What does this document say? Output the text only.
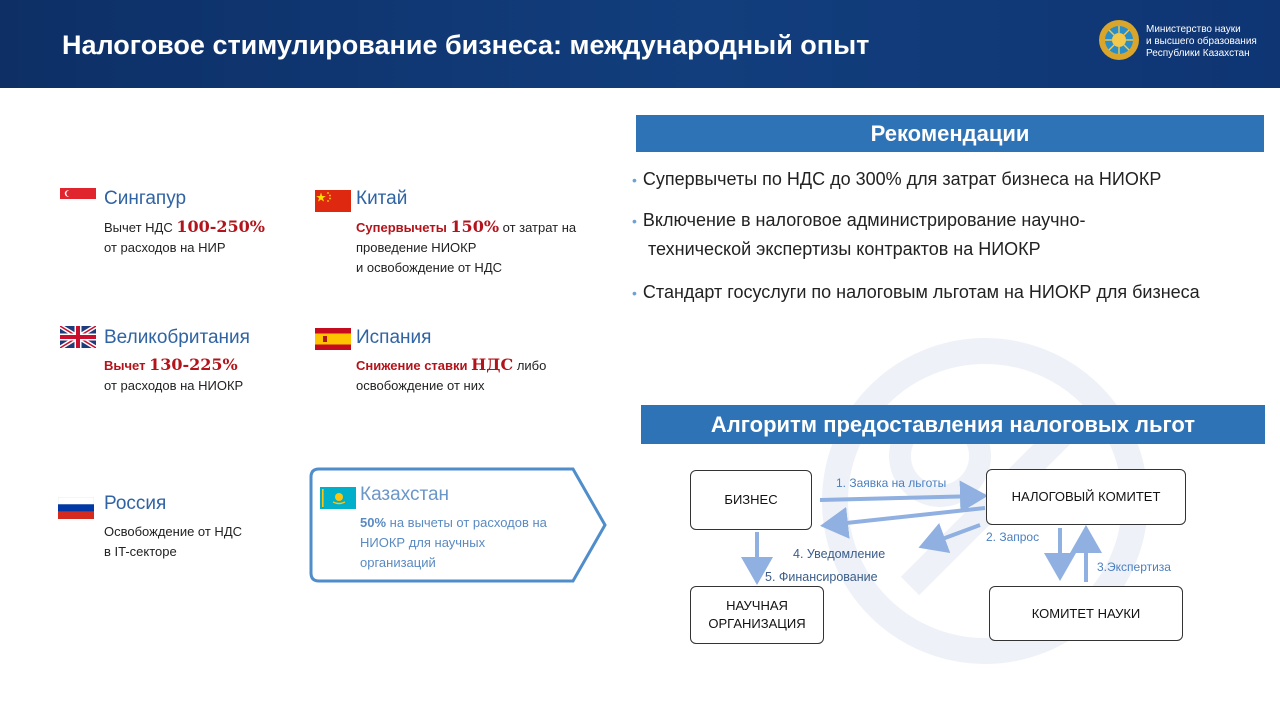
Налоговое стимулирование бизнеса: международный опыт
Министерство науки
и высшего образования
Республики Казахстан
Сингапур
Вычет НДС 100-250%
от расходов на НИР
Китай
Супервычеты 150% от затрат на
проведение НИОКР
и освобождение от НДС
Великобритания
Вычет 130-225%
от расходов на НИОКР
Испания
Снижение ставки НДС либо
освобождение от них
Россия
Освобождение от НДС
в IT-секторе
Казахстан
50% на вычеты от расходов на
НИОКР для научных
организаций
Рекомендации
• Супервычеты по НДС до 300% для затрат бизнеса на НИОКР
• Включение в налоговое администрирование научно-
технической экспертизы контрактов на НИОКР
• Стандарт госуслуги по налоговым льготам на НИОКР для бизнеса
Алгоритм предоставления налоговых льгот
БИЗНЕС	НАЛОГОВЫЙ КОМИТЕТ
НАУЧНАЯ
ОРГАНИЗАЦИЯ
КОМИТЕТ НАУКИ
1. Заявка на льготы
2. Запрос
3.Экспертиза
4. Уведомление
5. Финансирование
